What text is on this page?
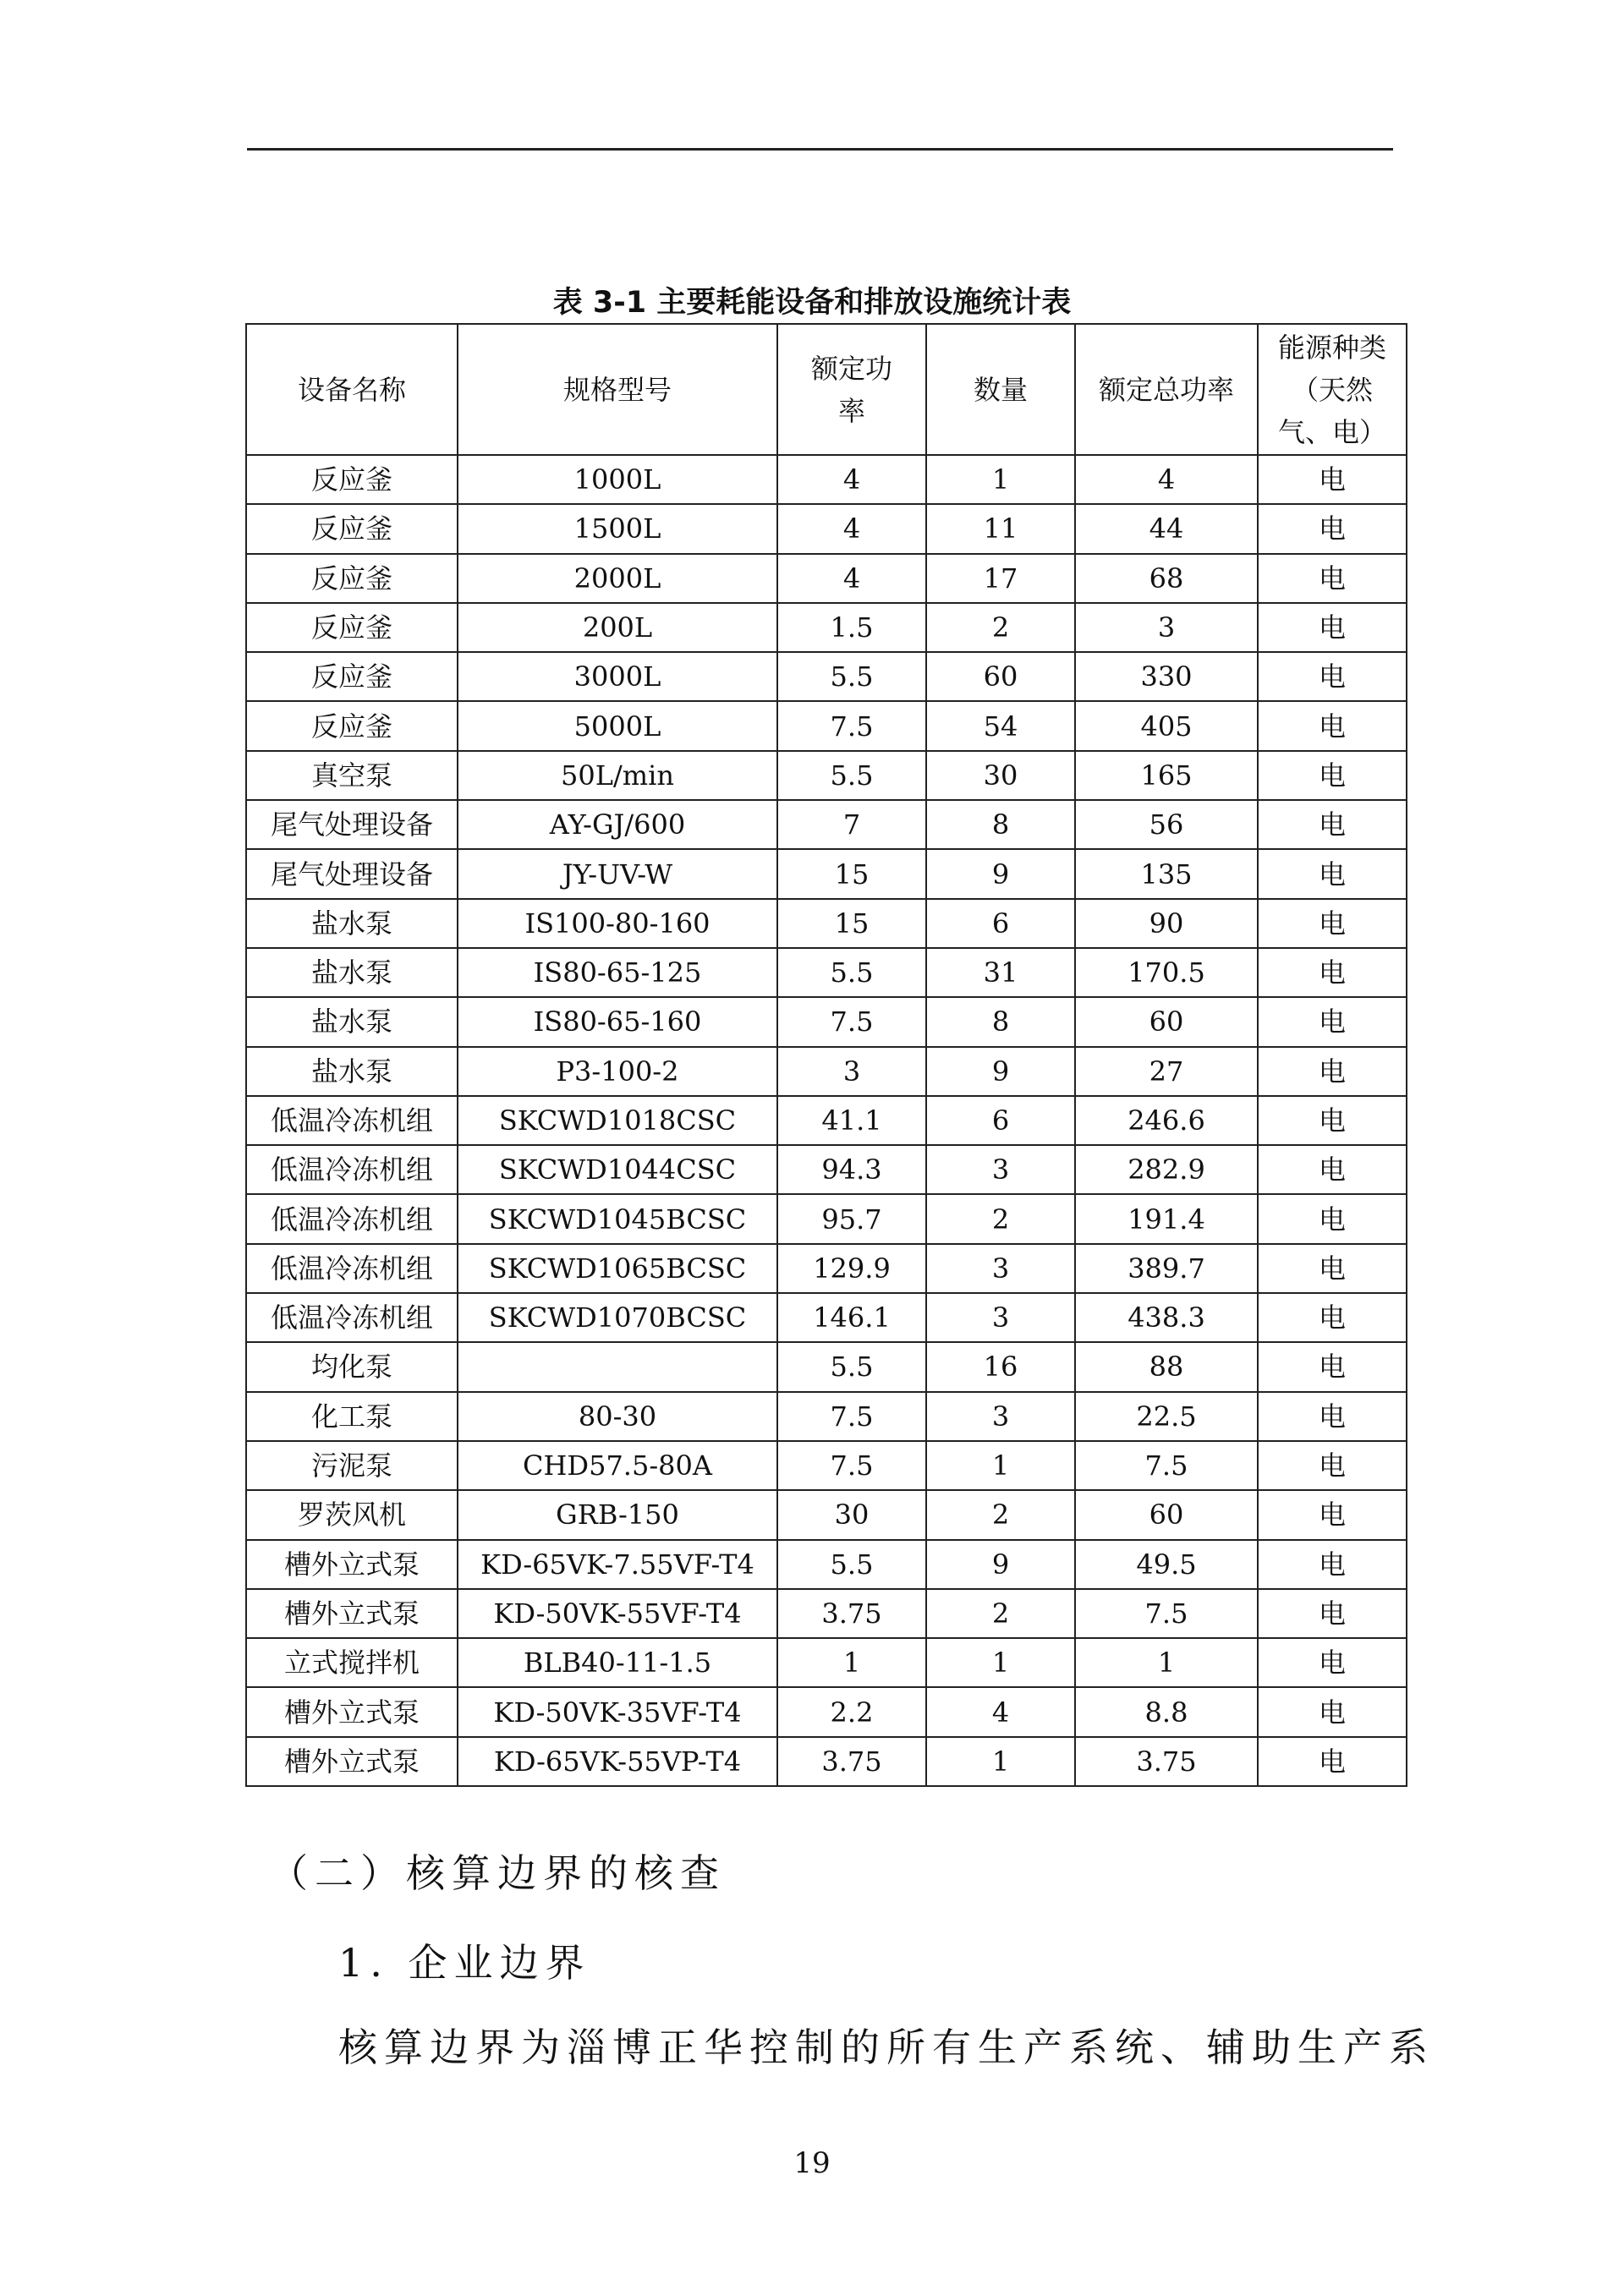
表 3-1 主要耗能设备和排放设施统计表
设备名称	规格型号	额定功率	数量	额定总功率	能源种类（天然气、电）
反应釜	1000L	4	1	4	电
反应釜	1500L	4	11	44	电
反应釜	2000L	4	17	68	电
反应釜	200L	1.5	2	3	电
反应釜	3000L	5.5	60	330	电
反应釜	5000L	7.5	54	405	电
真空泵	50L/min	5.5	30	165	电
尾气处理设备	AY-GJ/600	7	8	56	电
尾气处理设备	JY-UV-W	15	9	135	电
盐水泵	IS100-80-160	15	6	90	电
盐水泵	IS80-65-125	5.5	31	170.5	电
盐水泵	IS80-65-160	7.5	8	60	电
盐水泵	P3-100-2	3	9	27	电
低温冷冻机组	SKCWD1018CSC	41.1	6	246.6	电
低温冷冻机组	SKCWD1044CSC	94.3	3	282.9	电
低温冷冻机组	SKCWD1045BCSC	95.7	2	191.4	电
低温冷冻机组	SKCWD1065BCSC	129.9	3	389.7	电
低温冷冻机组	SKCWD1070BCSC	146.1	3	438.3	电
均化泵		5.5	16	88	电
化工泵	80-30	7.5	3	22.5	电
污泥泵	CHD57.5-80A	7.5	1	7.5	电
罗茨风机	GRB-150	30	2	60	电
槽外立式泵	KD-65VK-7.55VF-T4	5.5	9	49.5	电
槽外立式泵	KD-50VK-55VF-T4	3.75	2	7.5	电
立式搅拌机	BLB40-11-1.5	1	1	1	电
槽外立式泵	KD-50VK-35VF-T4	2.2	4	8.8	电
槽外立式泵	KD-65VK-55VP-T4	3.75	1	3.75	电
（二）核算边界的核查
1. 企业边界
核算边界为淄博正华控制的所有生产系统、辅助生产系
19
